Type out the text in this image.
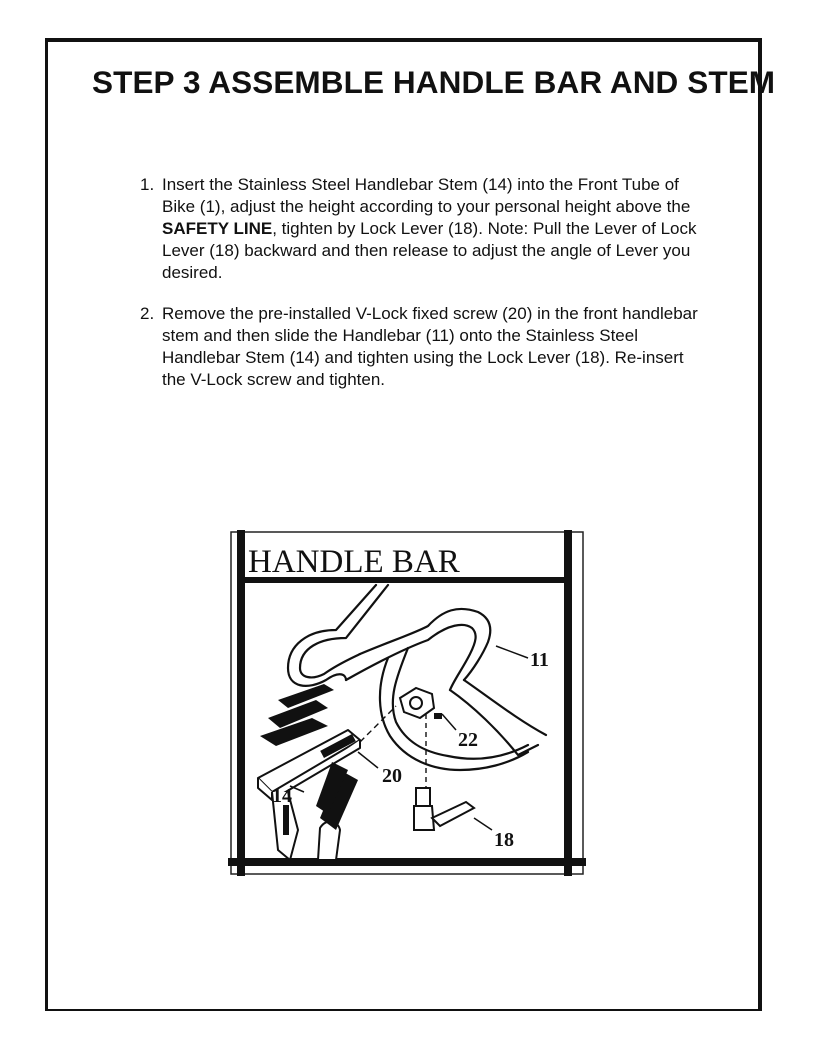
STEP 3 ASSEMBLE HANDLE BAR AND STEM
1. Insert the Stainless Steel Handlebar Stem (14) into the Front Tube of Bike (1), adjust the height according to your personal height above the SAFETY LINE, tighten by Lock Lever (18). Note: Pull the Lever of Lock Lever (18) backward and then release to adjust the angle of Lever you desired.
2. Remove the pre-installed V-Lock fixed screw (20) in the front handlebar stem and then slide the Handlebar (11) onto the Stainless Steel Handlebar Stem (14) and tighten using the Lock Lever (18). Re-insert the V-Lock screw and tighten.
HANDLE BAR
11
14
20
22
18
